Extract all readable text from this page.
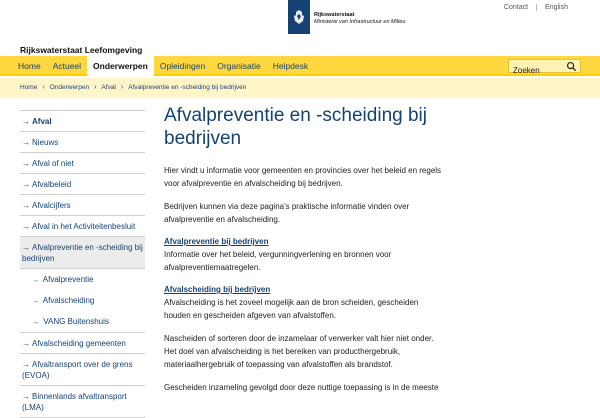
Rijkswaterstaat
Ministerie van Infrastructuur en Milieu
Contact	English
Rijkswaterstaat Leefomgeving
Home	Actueel	Onderwerpen	Opleidingen	Organisatie	Helpdesk
Zoeken
Home › Onderwerpen › Afval › Afvalpreventie en -scheiding bij bedrijven
→ Afval
→ Nieuws
→ Afval of niet
→ Afvalbeleid
→ Afvalcijfers
→ Afval in het Activiteitenbesluit
→ Afvalpreventie en -scheiding bij bedrijven
→ Afvalpreventie
→ Afvalscheiding
→ VANG Buitenshuis
→ Afvalscheiding gemeenten
→ Afvaltransport over de grens (EVOA)
→ Binnenlands afvaltransport (LMA)
Afvalpreventie en -scheiding bij bedrijven

Hier vindt u informatie voor gemeenten en provincies over het beleid en regels voor afvalpreventie en afvalscheiding bij bedrijven.

Bedrijven kunnen via deze pagina's praktische informatie vinden over afvalpreventie en afvalscheiding.

Afvalpreventie bij bedrijven
Informatie over het beleid, vergunningverlening en bronnen voor afvalpreventiemaatregelen.
Afvalscheiding bij bedrijven
Afvalscheiding is het zoveel mogelijk aan de bron scheiden, gescheiden houden en gescheiden afgeven van afvalstoffen.

Nascheiden of sorteren door de inzamelaar of verwerker valt hier niet onder. Het doel van afvalscheiding is het bereiken van producthergebruik, materiaalhergebruik of toepassing van afvalstoffen als brandstof.

Gescheiden inzameling gevolgd door deze nuttige toepassing is in de meeste
